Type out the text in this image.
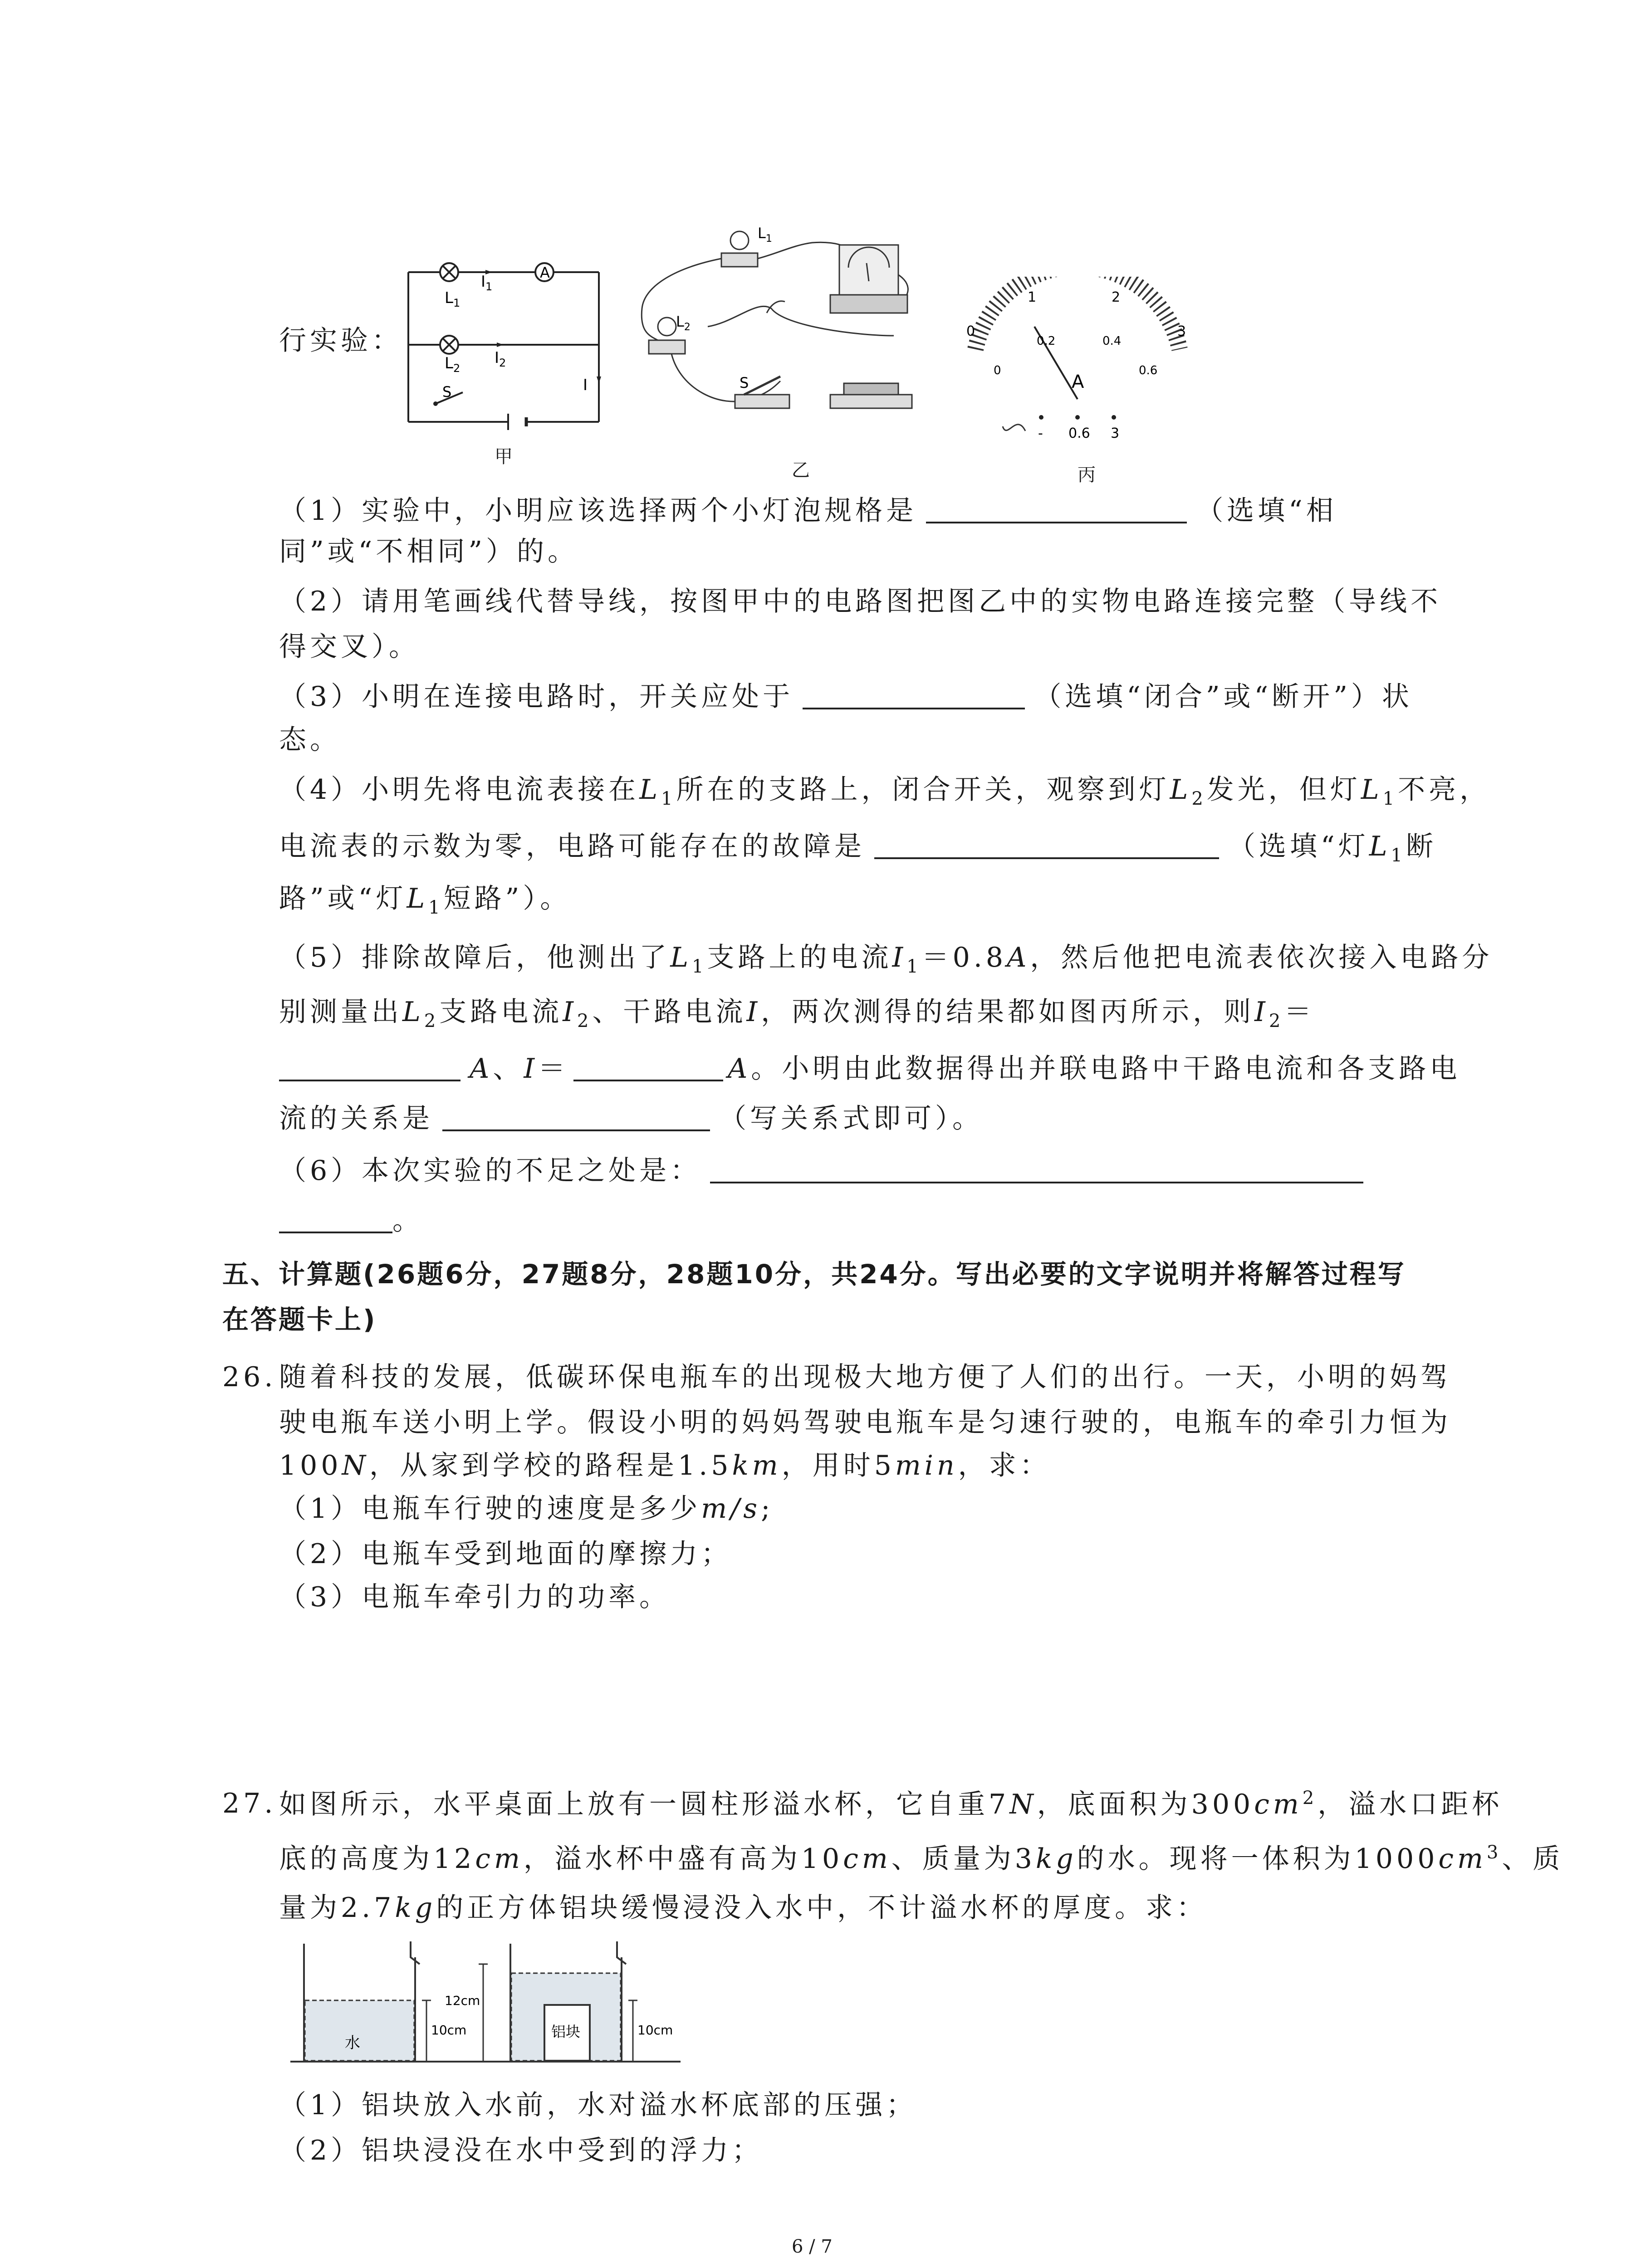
行实验：
A
$L_1$
$I_1$
$L_2$
$I_2$
I
S
甲
$L_1$
$L_2$
S
乙
0
1	2
3
0
0.2	0.4
0.6
A
- 0.6 3
丙
（1）实验中，小明应该选择两个小灯泡规格是	（选填“相
同”或“不相同”）的。
（2）请用笔画线代替导线，按图甲中的电路图把图乙中的实物电路连接完整（导线不
得交叉）。
（3）小明在连接电路时，开关应处于	（选填“闭合”或“断开”）状
态。
（4）小明先将电流表接在$L_1$所在的支路上，闭合开关，观察到灯$L_2$发光，但灯$L_1$不亮，
电流表的示数为零，电路可能存在的故障是	（选填“灯$L_1$断
路”或“灯$L_1$短路”）。
（5）排除故障后，他测出了$L_1$支路上的电流$I_1=0.8A$，然后他把电流表依次接入电路分
别测量出$L_2$支路电流$I_2$、干路电流I，两次测得的结果都如图丙所示，则$I_2=$
A、I＝	A。小明由此数据得出并联电路中干路电流和各支路电
流的关系是	（写关系式即可）。
（6）本次实验的不足之处是：
。
五、计算题(26题6分，27题8分，28题10分，共24分。写出必要的文字说明并将解答过程写
在答题卡上)
26. 随着科技的发展，低碳环保电瓶车的出现极大地方便了人们的出行。一天，小明的妈驾
驶电瓶车送小明上学。假设小明的妈妈驾驶电瓶车是匀速行驶的，电瓶车的牵引力恒为
100N，从家到学校的路程是1.5km，用时5min，求：
（1）电瓶车行驶的速度是多少m/s;
（2）电瓶车受到地面的摩擦力；
（3）电瓶车牵引力的功率。
27. 如图所示，水平桌面上放有一圆柱形溢水杯，它自重7N，底面积为$300cm^2$，溢水口距杯
底的高度为12cm，溢水杯中盛有高为10cm、质量为3kg的水。现将一体积为$1000cm^3$、质
量为2.7kg的正方体铝块缓慢浸没入水中，不计溢水杯的厚度。求：
水
10cm
12cm
铝块	10cm
（1）铝块放入水前，水对溢水杯底部的压强；
（2）铝块浸没在水中受到的浮力；
6 / 7
